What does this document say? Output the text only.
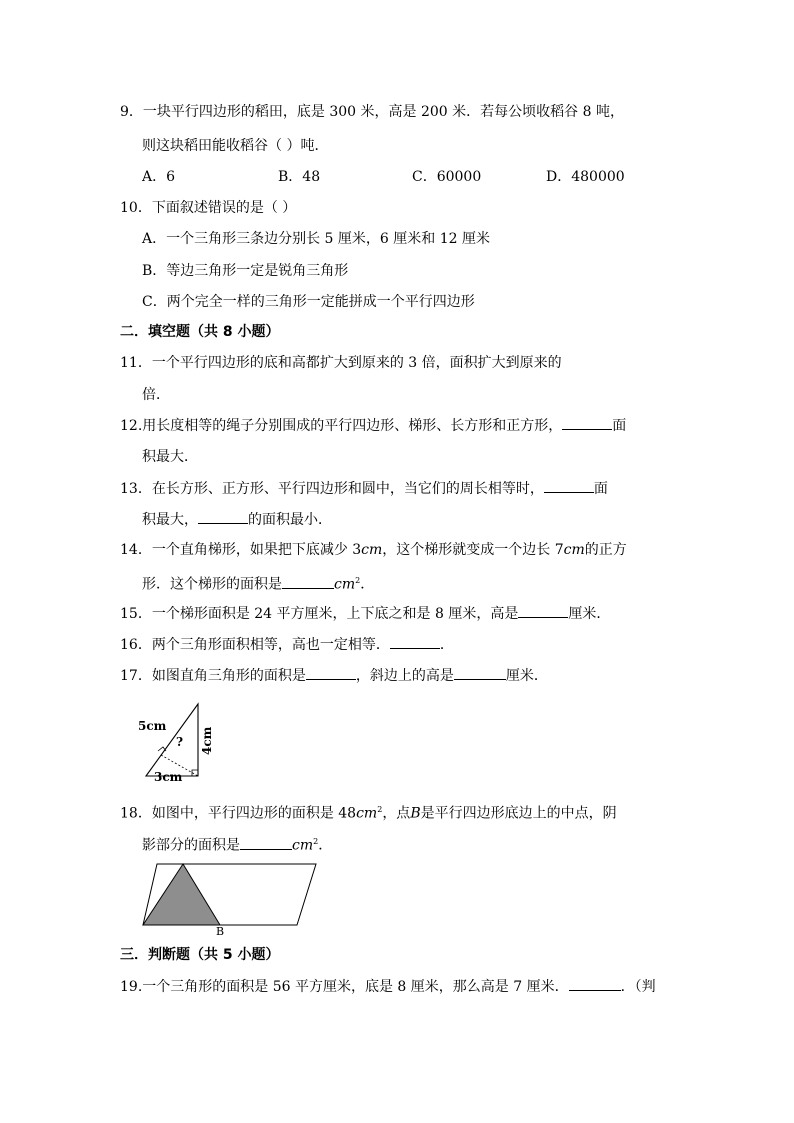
9．一块平行四边形的稻田，底是 300 米，高是 200 米．若每公顷收稻谷 8 吨，
则这块稻田能收稻谷（ ）吨．
A．6	B．48	C．60000	D．480000
10．下面叙述错误的是（ ）
A．一个三角形三条边分别长 5 厘米，6 厘米和 12 厘米
B．等边三角形一定是锐角三角形
C．两个完全一样的三角形一定能拼成一个平行四边形
二．填空题（共 8 小题）
11．一个平行四边形的底和高都扩大到原来的 3 倍，面积扩大到原来的
倍．
12.用长度相等的绳子分别围成的平行四边形、梯形、长方形和正方形，	面
积最大．
13．在长方形、正方形、平行四边形和圆中，当它们的周长相等时，	面
积最大，	的面积最小．
14．一个直角梯形，如果把下底减少 3cm，这个梯形就变成一个边长 7cm的正方
形．这个梯形的面积是	$cm^2$．
15．一个梯形面积是 24 平方厘米，上下底之和是 8 厘米，高是	厘米．
16．两个三角形面积相等，高也一定相等．	．
17．如图直角三角形的面积是	，斜边上的高是	厘米．
5cm
? 4cm
3cm
18．如图中，平行四边形的面积是 $48cm^2$，点B是平行四边形底边上的中点，阴
影部分的面积是	$cm^2$．
B
三．判断题（共 5 小题）
19.一个三角形的面积是 56 平方厘米，底是 8 厘米，那么高是 7 厘米．	．（判
